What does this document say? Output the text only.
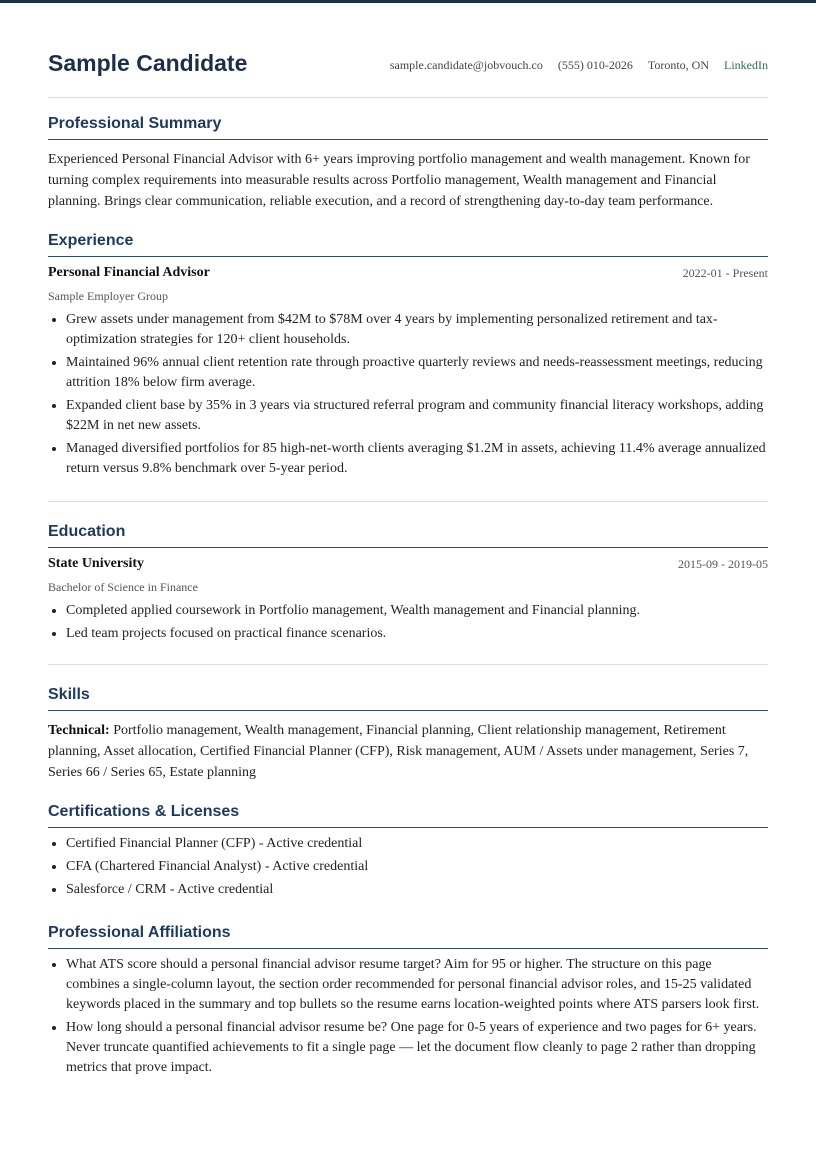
Sample Candidate	sample.candidate@jobvouch.co (555) 010-2026 Toronto, ON LinkedIn
Professional Summary

Experienced Personal Financial Advisor with 6+ years improving portfolio management and wealth management. Known for turning complex requirements into measurable results across Portfolio management, Wealth management and Financial planning. Brings clear communication, reliable execution, and a record of strengthening day-to-day team performance.

Experience
Personal Financial Advisor	2022-01 - Present
Sample Employer Group
• Grew assets under management from $42M to $78M over 4 years by implementing personalized retirement and tax-optimization strategies for 120+ client households.
• Maintained 96% annual client retention rate through proactive quarterly reviews and needs-reassessment meetings, reducing attrition 18% below firm average.
• Expanded client base by 35% in 3 years via structured referral program and community financial literacy workshops, adding $22M in net new assets.
• Managed diversified portfolios for 85 high-net-worth clients averaging $1.2M in assets, achieving 11.4% average annualized return versus 9.8% benchmark over 5-year period.
Education
State University	2015-09 - 2019-05
Bachelor of Science in Finance
• Completed applied coursework in Portfolio management, Wealth management and Financial planning.
• Led team projects focused on practical finance scenarios.
Skills

Technical: Portfolio management, Wealth management, Financial planning, Client relationship management, Retirement planning, Asset allocation, Certified Financial Planner (CFP), Risk management, AUM / Assets under management, Series 7, Series 66 / Series 65, Estate planning

Certifications & Licenses
• Certified Financial Planner (CFP) - Active credential
• CFA (Chartered Financial Analyst) - Active credential
• Salesforce / CRM - Active credential
Professional Affiliations
• What ATS score should a personal financial advisor resume target? Aim for 95 or higher. The structure on this page combines a single-column layout, the section order recommended for personal financial advisor roles, and 15-25 validated keywords placed in the summary and top bullets so the resume earns location-weighted points where ATS parsers look first.
• How long should a personal financial advisor resume be? One page for 0-5 years of experience and two pages for 6+ years. Never truncate quantified achievements to fit a single page — let the document flow cleanly to page 2 rather than dropping metrics that prove impact.
